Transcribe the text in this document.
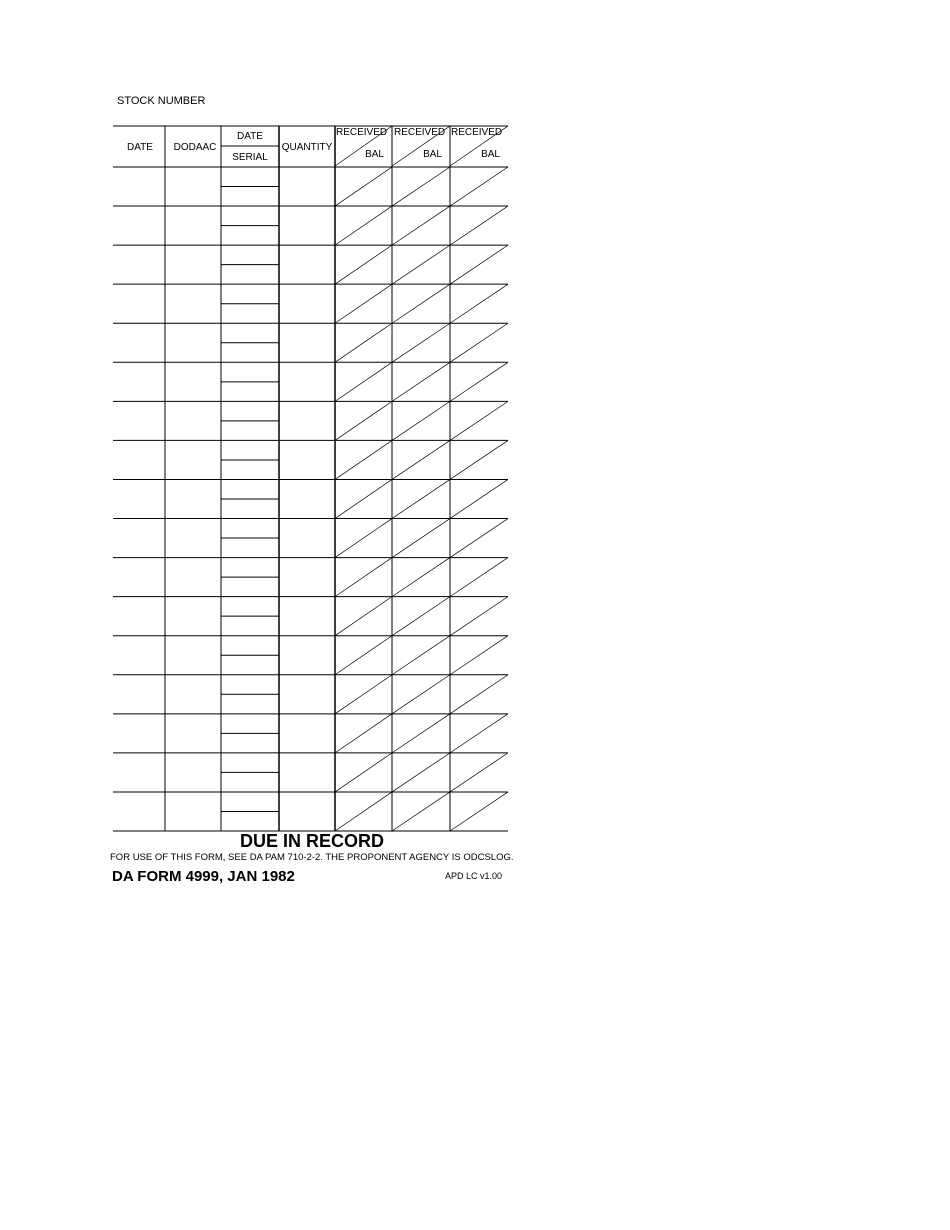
STOCK NUMBER
DATE DODAAC
DATE
SERIAL
QUANTITY
RECEIVED
BAL
RECEIVED
BAL
RECEIVED
BAL
DUE IN RECORD
FOR USE OF THIS FORM, SEE DA PAM 710-2-2. THE PROPONENT AGENCY IS ODCSLOG.
DA FORM 4999, JAN 1982	APD LC v1.00
